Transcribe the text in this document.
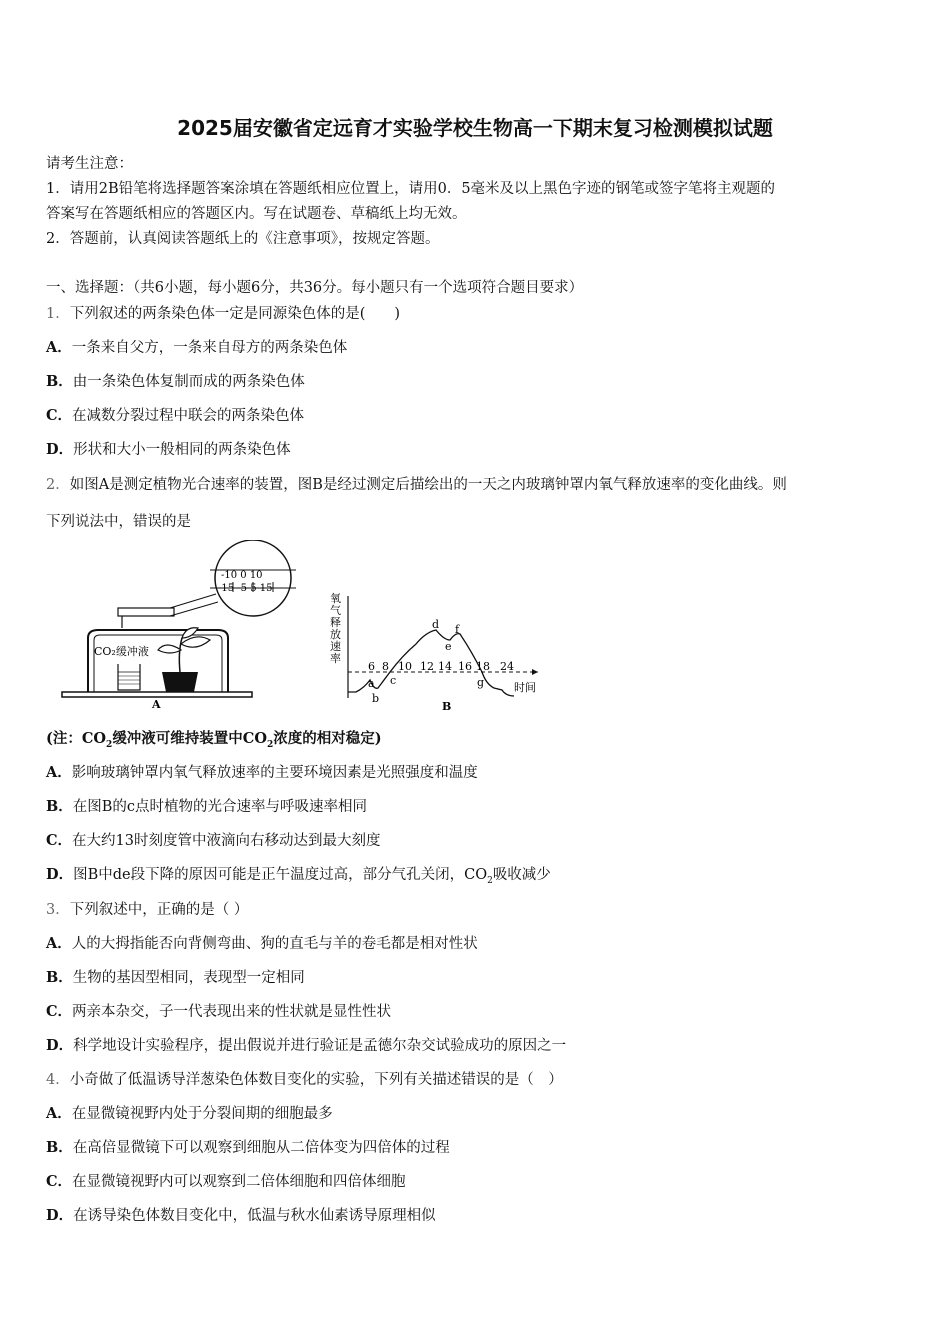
2025届安徽省定远育才实验学校生物高一下期末复习检测模拟试题
请考生注意：
1．请用2B铅笔将选择题答案涂填在答题纸相应位置上，请用0．5毫米及以上黑色字迹的钢笔或签字笔将主观题的
答案写在答题纸相应的答题区内。写在试题卷、草稿纸上均无效。
2．答题前，认真阅读答题纸上的《注意事项》，按规定答题。
一、选择题：（共6小题，每小题6分，共36分。每小题只有一个选项符合题目要求）
1．下列叙述的两条染色体一定是同源染色体的是(　　)
A．一条来自父方，一条来自母方的两条染色体
B．由一条染色体复制而成的两条染色体
C．在减数分裂过程中联会的两条染色体
D．形状和大小一般相同的两条染色体
2．如图A是测定植物光合速率的装置，图B是经过测定后描绘出的一天之内玻璃钟罩内氧气释放速率的变化曲线。则
下列说法中，错误的是
-10 0 10
-15 -5 5 15
CO₂缓冲液
A
氧
气
释
放
速
率
6 8 10 12 14 16 18 24
时间
a
b
c
d
e
f
g
B
(注：$CO_2$缓冲液可维持装置中$CO_2$浓度的相对稳定)
A．影响玻璃钟罩内氧气释放速率的主要环境因素是光照强度和温度
B．在图B的c点时植物的光合速率与呼吸速率相同
C．在大约13时刻度管中液滴向右移动达到最大刻度
D．图B中de段下降的原因可能是正午温度过高，部分气孔关闭，$CO_2$吸收减少
3．下列叙述中，正确的是（ ）
A．人的大拇指能否向背侧弯曲、狗的直毛与羊的卷毛都是相对性状
B．生物的基因型相同，表现型一定相同
C．两亲本杂交，子一代表现出来的性状就是显性性状
D．科学地设计实验程序，提出假说并进行验证是孟德尔杂交试验成功的原因之一
4．小奇做了低温诱导洋葱染色体数目变化的实验，下列有关描述错误的是（　）
A．在显微镜视野内处于分裂间期的细胞最多
B．在高倍显微镜下可以观察到细胞从二倍体变为四倍体的过程
C．在显微镜视野内可以观察到二倍体细胞和四倍体细胞
D．在诱导染色体数目变化中，低温与秋水仙素诱导原理相似
